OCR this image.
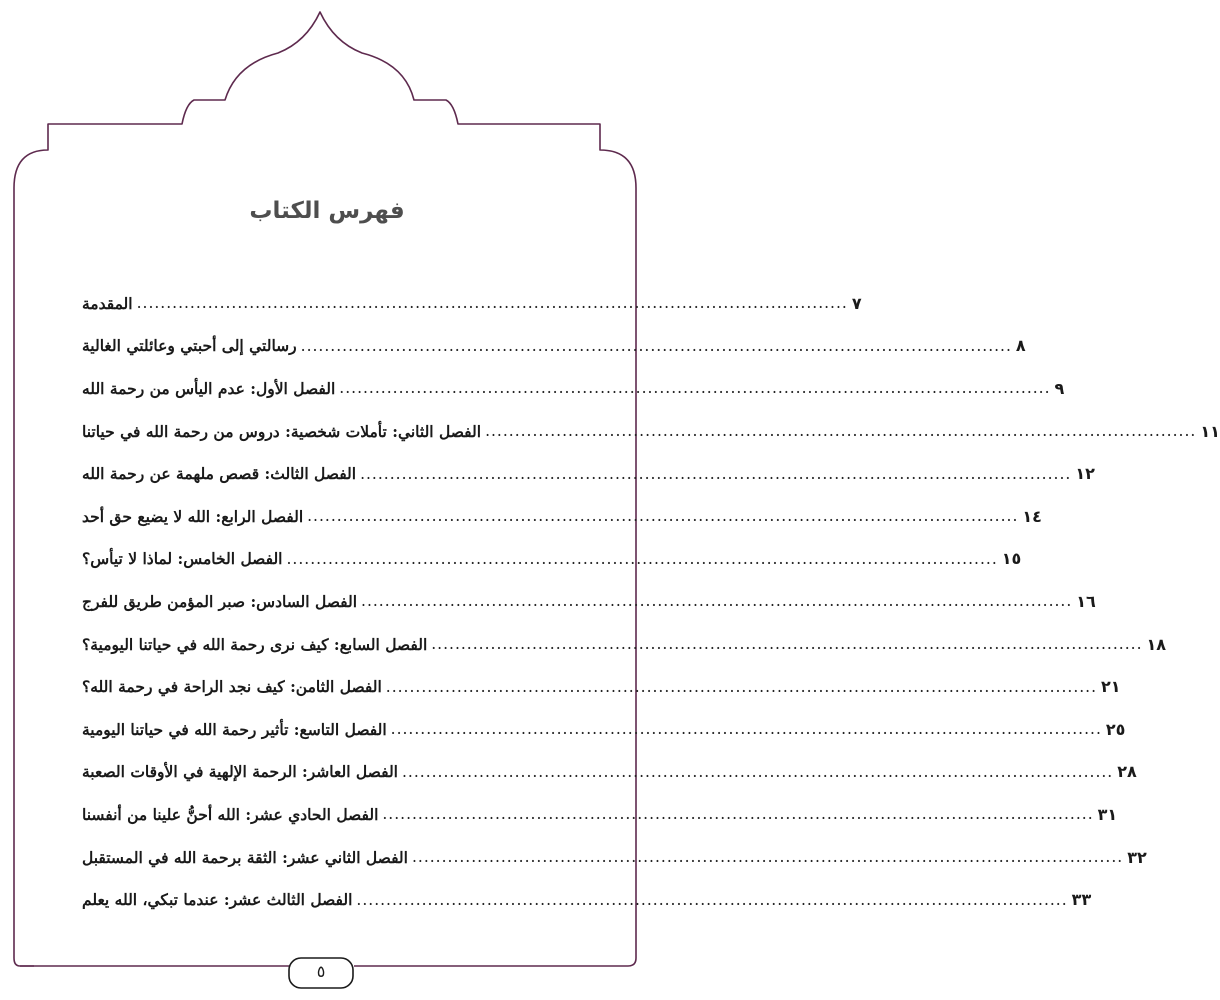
فهرس الكتاب
المقدمة .....	٧
رسالتي إلى أحبتي وعائلتي الغالية .....	٨
الفصل الأول: عدم اليأس من رحمة الله .....	٩
الفصل الثاني: تأملات شخصية: دروس من رحمة الله في حياتنا .....	١١
الفصل الثالث: قصص ملهمة عن رحمة الله .....	١٢
الفصل الرابع: الله لا يضيع حق أحد .....	١٤
الفصل الخامس: لماذا لا تيأس؟ .....	١٥
الفصل السادس: صبر المؤمن طريق للفرج .....	١٦
الفصل السابع: كيف نرى رحمة الله في حياتنا اليومية؟ .....	١٨
الفصل الثامن: كيف نجد الراحة في رحمة الله؟ .....	٢١
الفصل التاسع: تأثير رحمة الله في حياتنا اليومية .....	٢٥
الفصل العاشر: الرحمة الإلهية في الأوقات الصعبة .....	٢٨
الفصل الحادي عشر: الله أحنُّ علينا من أنفسنا .....	٣١
الفصل الثاني عشر: الثقة برحمة الله في المستقبل .....	٣٢
الفصل الثالث عشر: عندما تبكي، الله يعلم .....	٣٣
٥
